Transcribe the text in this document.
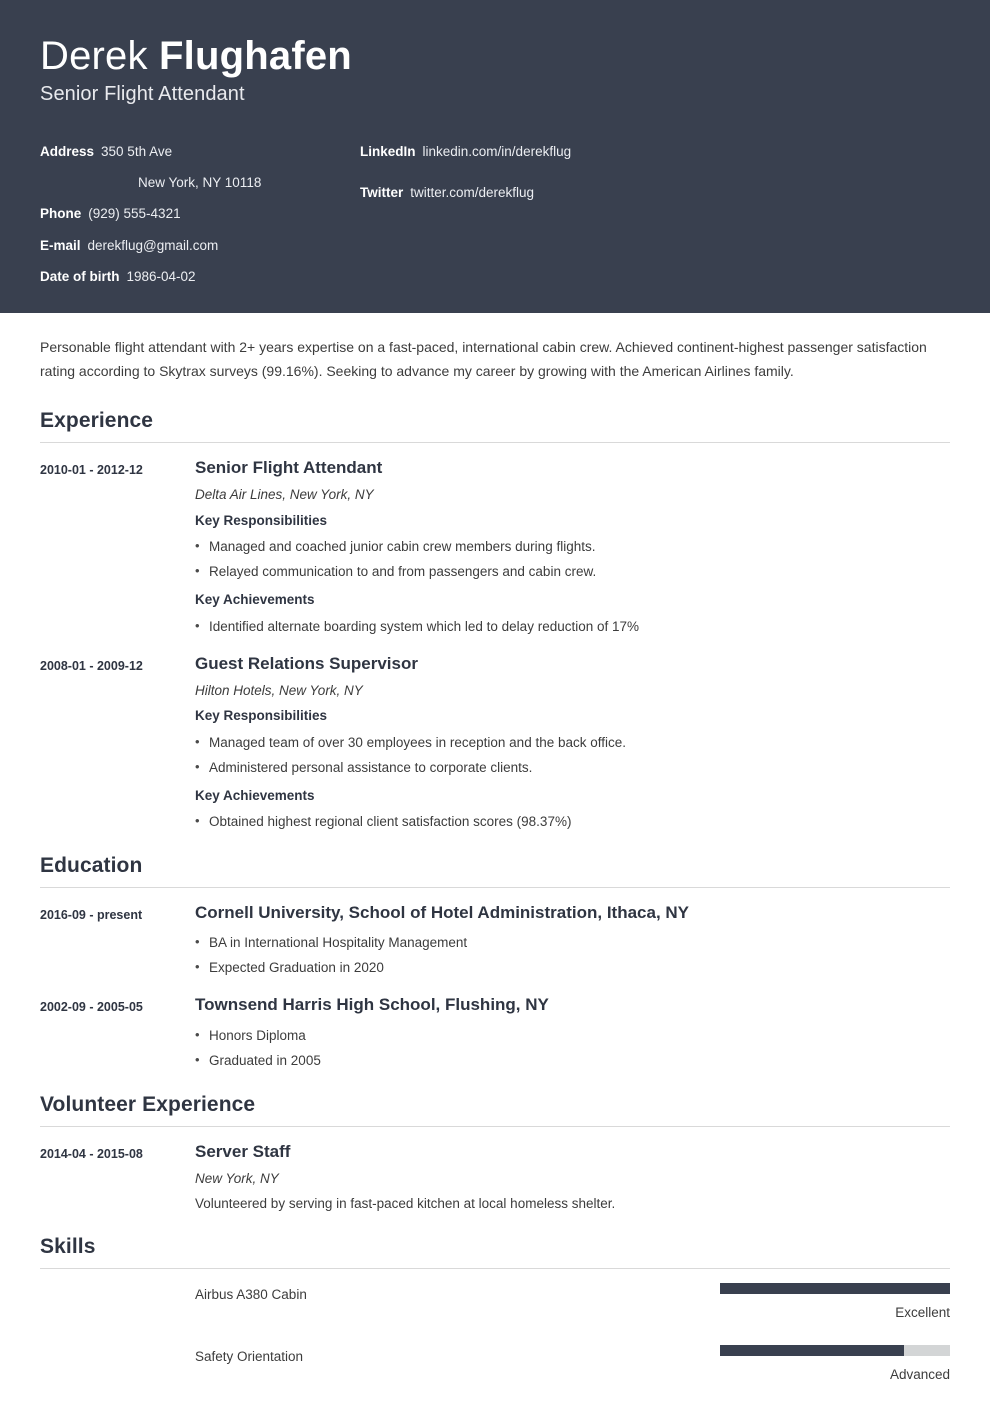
Derek Flughafen
Senior Flight Attendant
Address 350 5th Ave
New York, NY 10118
Phone (929) 555-4321
E-mail derekflug@gmail.com
Date of birth 1986-04-02
LinkedIn linkedin.com/in/derekflug
Twitter twitter.com/derekflug

Personable flight attendant with 2+ years expertise on a fast-paced, international cabin crew. Achieved continent-highest passenger satisfaction rating according to Skytrax surveys (99.16%). Seeking to advance my career by growing with the American Airlines family.

Experience
2010-01 - 2012-12	Senior Flight Attendant
Delta Air Lines, New York, NY
Key Responsibilities
• Managed and coached junior cabin crew members during flights.
• Relayed communication to and from passengers and cabin crew.
Key Achievements
• Identified alternate boarding system which led to delay reduction of 17%
2008-01 - 2009-12	Guest Relations Supervisor
Hilton Hotels, New York, NY
Key Responsibilities
• Managed team of over 30 employees in reception and the back office.
• Administered personal assistance to corporate clients.
Key Achievements
• Obtained highest regional client satisfaction scores (98.37%)
Education
2016-09 - present	Cornell University, School of Hotel Administration, Ithaca, NY
• BA in International Hospitality Management
• Expected Graduation in 2020
2002-09 - 2005-05	Townsend Harris High School, Flushing, NY
• Honors Diploma
• Graduated in 2005
Volunteer Experience
2014-04 - 2015-08	Server Staff
New York, NY
Volunteered by serving in fast-paced kitchen at local homeless shelter.
Skills
Airbus A380 Cabin
Excellent
Safety Orientation
Advanced
